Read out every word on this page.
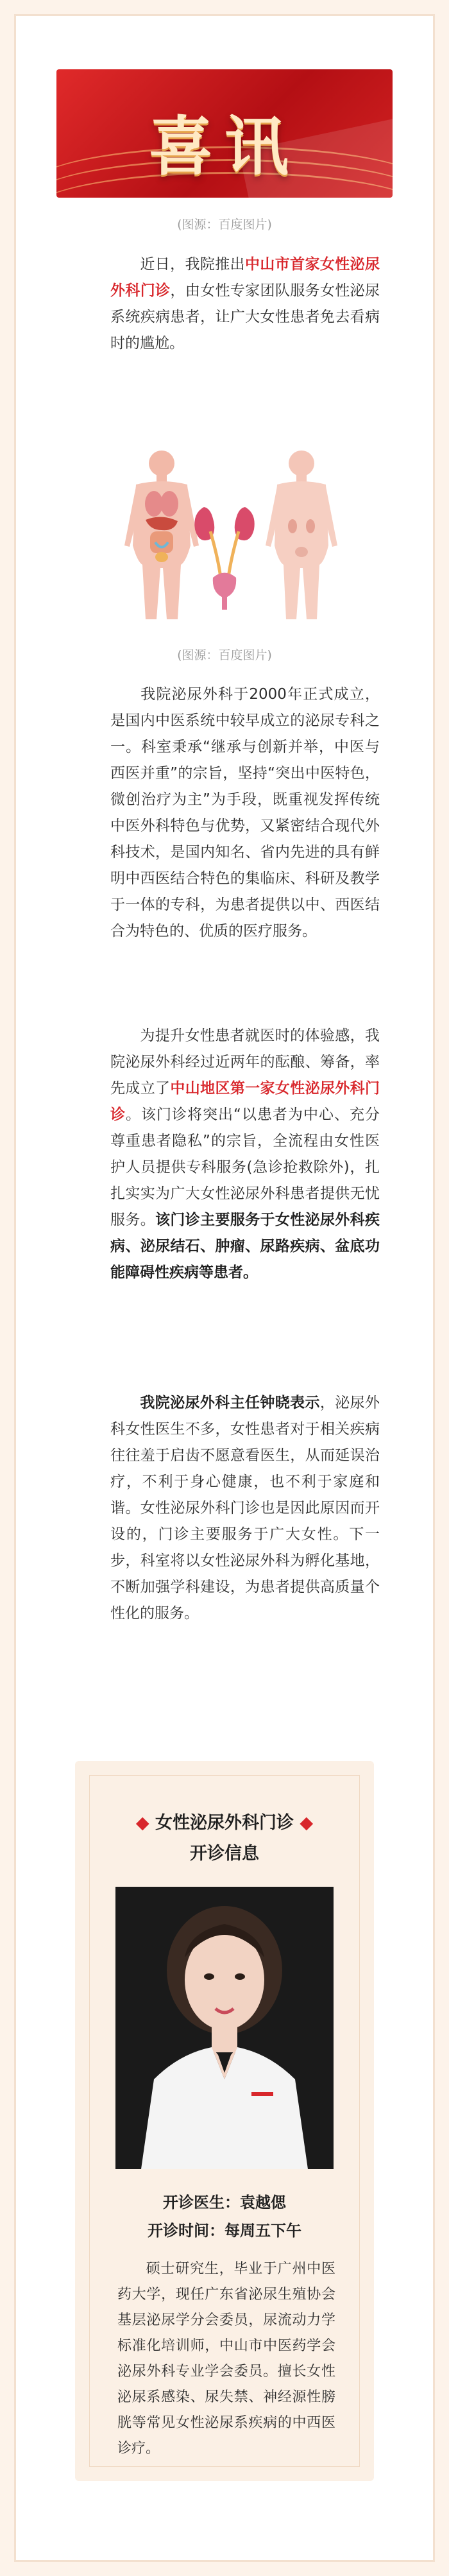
喜讯
(图源：百度图片)
近日，我院推出中山市首家女性泌尿外科门诊，由女性专家团队服务女性泌尿系统疾病患者，让广大女性患者免去看病时的尴尬。
(图源：百度图片)
我院泌尿外科于2000年正式成立，是国内中医系统中较早成立的泌尿专科之一。科室秉承“继承与创新并举，中医与西医并重”的宗旨，坚持“突出中医特色，微创治疗为主”为手段，既重视发挥传统中医外科特色与优势，又紧密结合现代外科技术，是国内知名、省内先进的具有鲜明中西医结合特色的集临床、科研及教学于一体的专科，为患者提供以中、西医结合为特色的、优质的医疗服务。
为提升女性患者就医时的体验感，我院泌尿外科经过近两年的酝酿、筹备，率先成立了中山地区第一家女性泌尿外科门诊。该门诊将突出“以患者为中心、充分尊重患者隐私”的宗旨，全流程由女性医护人员提供专科服务(急诊抢救除外)，扎扎实实为广大女性泌尿外科患者提供无忧服务。该门诊主要服务于女性泌尿外科疾病、泌尿结石、肿瘤、尿路疾病、盆底功能障碍性疾病等患者。
我院泌尿外科主任钟晓表示，泌尿外科女性医生不多，女性患者对于相关疾病往往羞于启齿不愿意看医生，从而延误治疗，不利于身心健康，也不利于家庭和谐。女性泌尿外科门诊也是因此原因而开设的，门诊主要服务于广大女性。下一步，科室将以女性泌尿外科为孵化基地，不断加强学科建设，为患者提供高质量个性化的服务。
◆ 女性泌尿外科门诊 ◆
开诊信息
开诊医生：袁越偲
开诊时间：每周五下午
硕士研究生，毕业于广州中医药大学，现任广东省泌尿生殖协会基层泌尿学分会委员，尿流动力学标准化培训师，中山市中医药学会泌尿外科专业学会委员。擅长女性泌尿系感染、尿失禁、神经源性膀胱等常见女性泌尿系疾病的中西医诊疗。
